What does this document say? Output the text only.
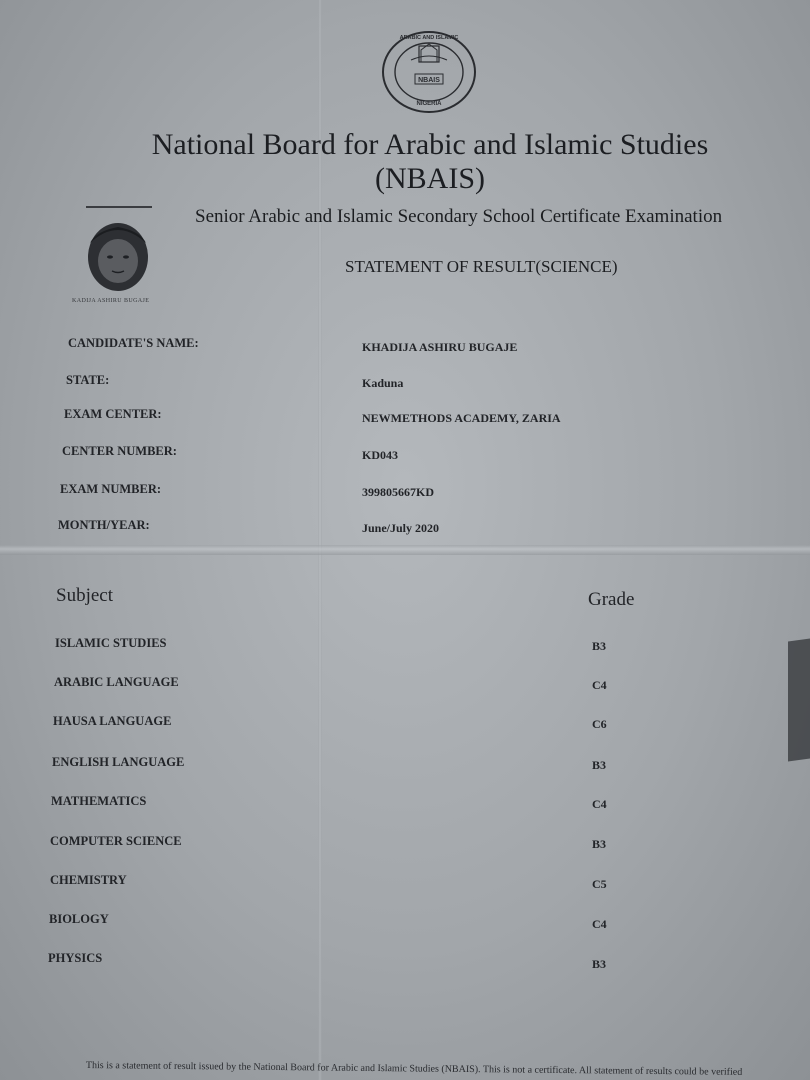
NBAIS
NIGERIA
ARABIC AND ISLAMIC
National Board for Arabic and Islamic Studies
(NBAIS)
Senior Arabic and Islamic Secondary School Certificate Examination
STATEMENT OF RESULT(SCIENCE)
KADIJA ASHIRU BUGAJE
CANDIDATE'S NAME:	KHADIJA ASHIRU BUGAJE
STATE:	Kaduna
EXAM CENTER:	NEWMETHODS ACADEMY, ZARIA
CENTER NUMBER:	KD043
EXAM NUMBER:	399805667KD
MONTH/YEAR:	June/July 2020
Subject	Grade
ISLAMIC STUDIES	B3
ARABIC LANGUAGE	C4
HAUSA LANGUAGE	C6
ENGLISH LANGUAGE	B3
MATHEMATICS	C4
COMPUTER SCIENCE	B3
CHEMISTRY	C5
BIOLOGY	C4
PHYSICS	B3
This is a statement of result issued by the National Board for Arabic and Islamic Studies (NBAIS). This is not a certificate. All statement of results could be verified
